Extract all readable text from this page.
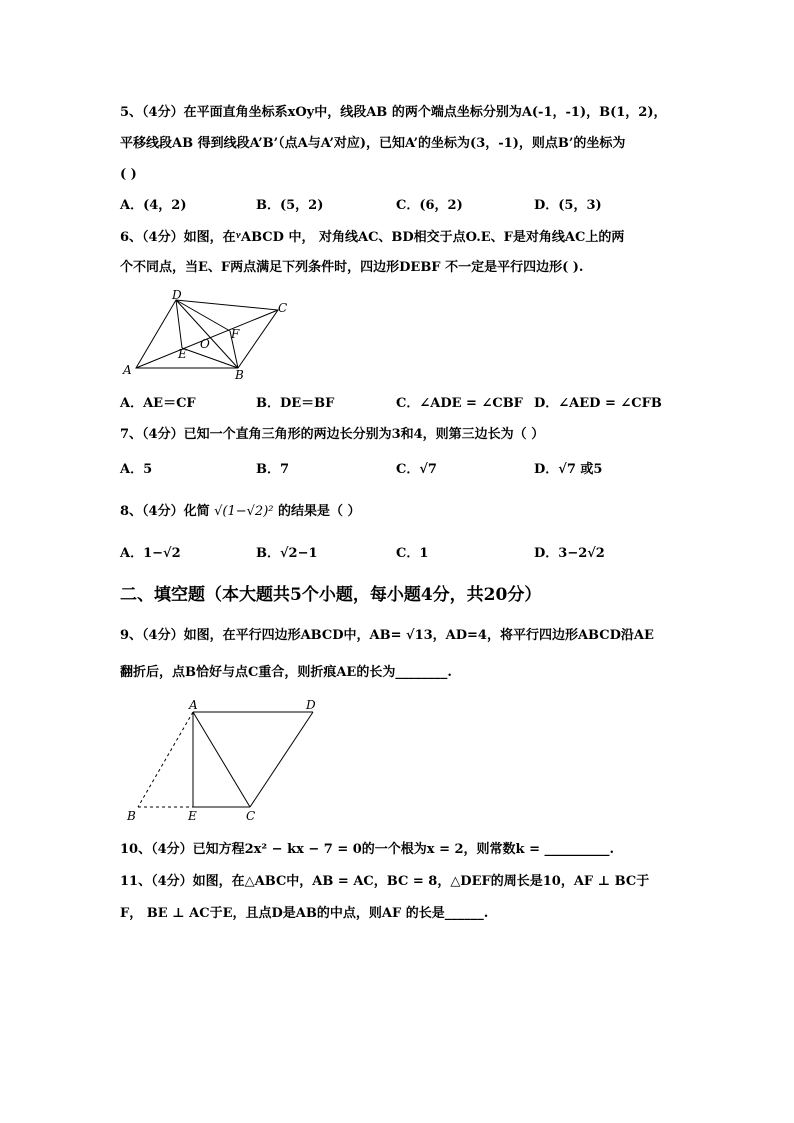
5、（4分）在平面直角坐标系xOy中，线段AB 的两个端点坐标分别为A(-1，-1)，B(1，2)，
平移线段AB 得到线段A’B’（点A与A’对应)，已知A’的坐标为(3，-1)，则点B’的坐标为
( )
A．(4，2)	B．(5，2)	C．(6，2)	D．(5，3)
6、（4分）如图，在ᵞABCD 中， 对角线AC、BD相交于点O.E、F是对角线AC上的两
个不同点，当E、F两点满足下列条件时，四边形DEBF 不一定是平行四边形( ).
D
C
F
O
E
A	B
A．AE＝CF	B．DE＝BF	C．∠ADE = ∠CBF D．∠AED = ∠CFB
7、（4分）已知一个直角三角形的两边长分别为3和4，则第三边长为（ ）
A．5	B．7	C．√7	D．√7 或5
8、（4分）化简 √(1−√2)² 的结果是（ ）
A．1−√2	B．√2−1	C．1	D．3−2√2
二、填空题（本大题共5个小题，每小题4分，共20分）
9、（4分）如图，在平行四边形ABCD中，AB= √13，AD=4，将平行四边形ABCD沿AE
翻折后，点B恰好与点C重合，则折痕AE的长为________.
A	D
B	E	C
10、（4分）已知方程2x² − kx − 7 = 0的一个根为x = 2，则常数k = __________.
11、（4分）如图，在△ABC中，AB = AC，BC = 8，△DEF的周长是10，AF ⊥ BC于
F， BE ⊥ AC于E，且点D是AB的中点，则AF 的长是______.
